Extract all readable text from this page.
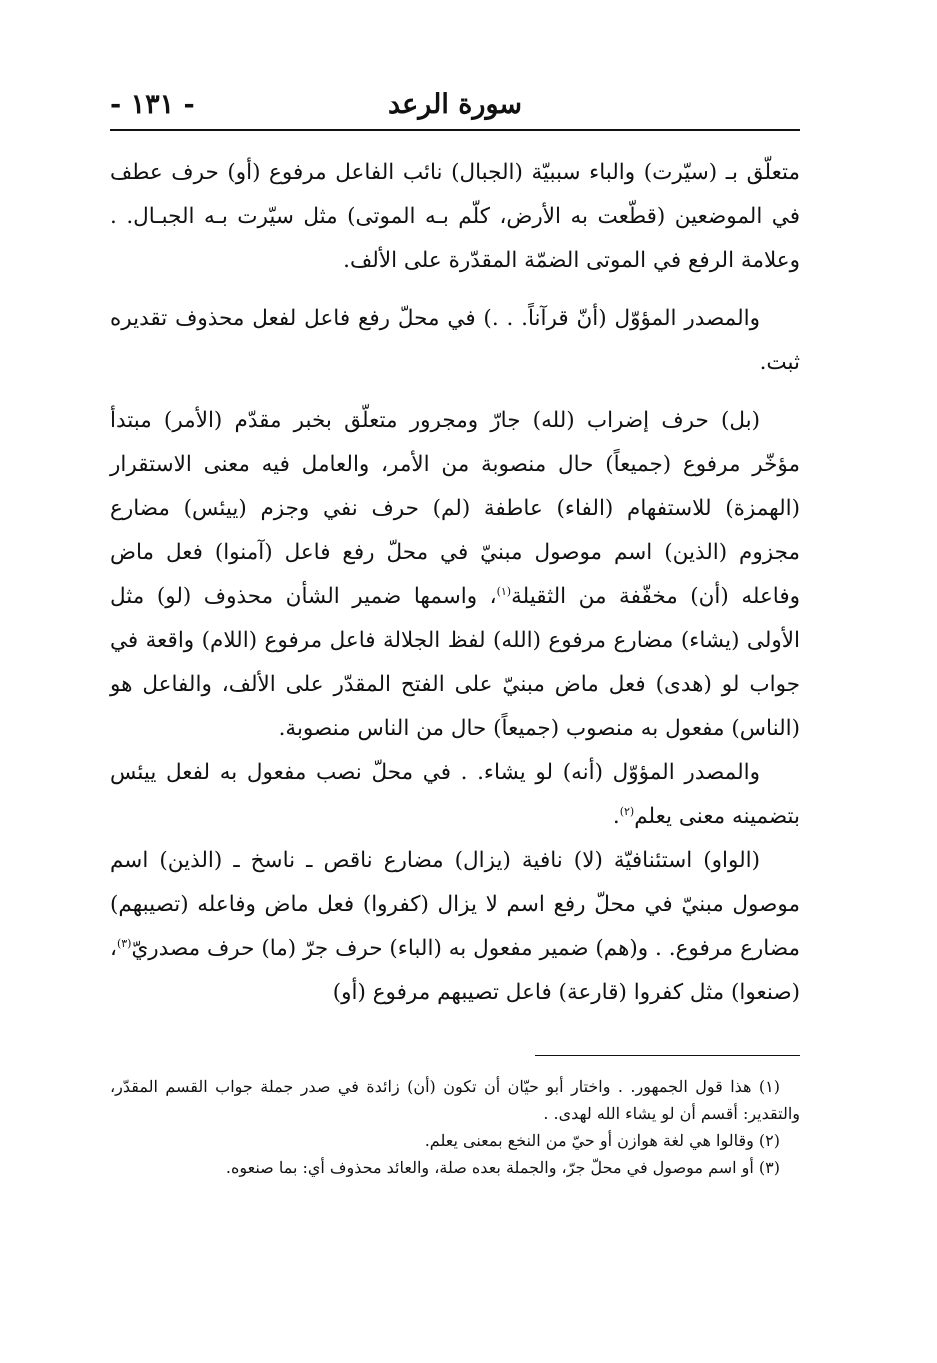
سورة الرعد
- ١٣١ -

متعلّق بـ (سيّرت) والباء سببيّة (الجبال) نائب الفاعل مرفوع (أو) حرف عطف في الموضعين (قطّعت به الأرض، كلّم بـه الموتى) مثل سيّرت بـه الجبـال. . وعلامة الرفع في الموتى الضمّة المقدّرة على الألف.

والمصدر المؤوّل (أنّ قرآناً. . .) في محلّ رفع فاعل لفعل محذوف تقديره ثبت.

(بل) حرف إضراب (لله) جارّ ومجرور متعلّق بخبر مقدّم (الأمر) مبتدأ مؤخّر مرفوع (جميعاً) حال منصوبة من الأمر، والعامل فيه معنى الاستقرار (الهمزة) للاستفهام (الفاء) عاطفة (لم) حرف نفي وجزم (ييئس) مضارع مجزوم (الذين) اسم موصول مبنيّ في محلّ رفع فاعل (آمنوا) فعل ماض وفاعله (أن) مخفّفة من الثقيلة$^{(١)}$، واسمها ضمير الشأن محذوف (لو) مثل الأولى (يشاء) مضارع مرفوع (الله) لفظ الجلالة فاعل مرفوع (اللام) واقعة في جواب لو (هدى) فعل ماض مبنيّ على الفتح المقدّر على الألف، والفاعل هو (الناس) مفعول به منصوب (جميعاً) حال من الناس منصوبة.

والمصدر المؤوّل (أنه) لو يشاء. . في محلّ نصب مفعول به لفعل ييئس بتضمينه معنى يعلم$^{(٢)}$.

(الواو) استئنافيّة (لا) نافية (يزال) مضارع ناقص ـ ناسخ ـ (الذين) اسم موصول مبنيّ في محلّ رفع اسم لا يزال (كفروا) فعل ماض وفاعله (تصيبهم) مضارع مرفوع. . و(هم) ضمير مفعول به (الباء) حرف جرّ (ما) حرف مصدريّ$^{(٣)}$، (صنعوا) مثل كفروا (قارعة) فاعل تصيبهم مرفوع (أو)

(١) هذا قول الجمهور. . واختار أبو حيّان أن تكون (أن) زائدة في صدر جملة جواب القسم المقدّر، والتقدير: أقسم أن لو يشاء الله لهدى. .

(٢) وقالوا هي لغة هوازن أو حيّ من النخع بمعنى يعلم.

(٣) أو اسم موصول في محلّ جرّ، والجملة بعده صلة، والعائد محذوف أي: بما صنعوه.
